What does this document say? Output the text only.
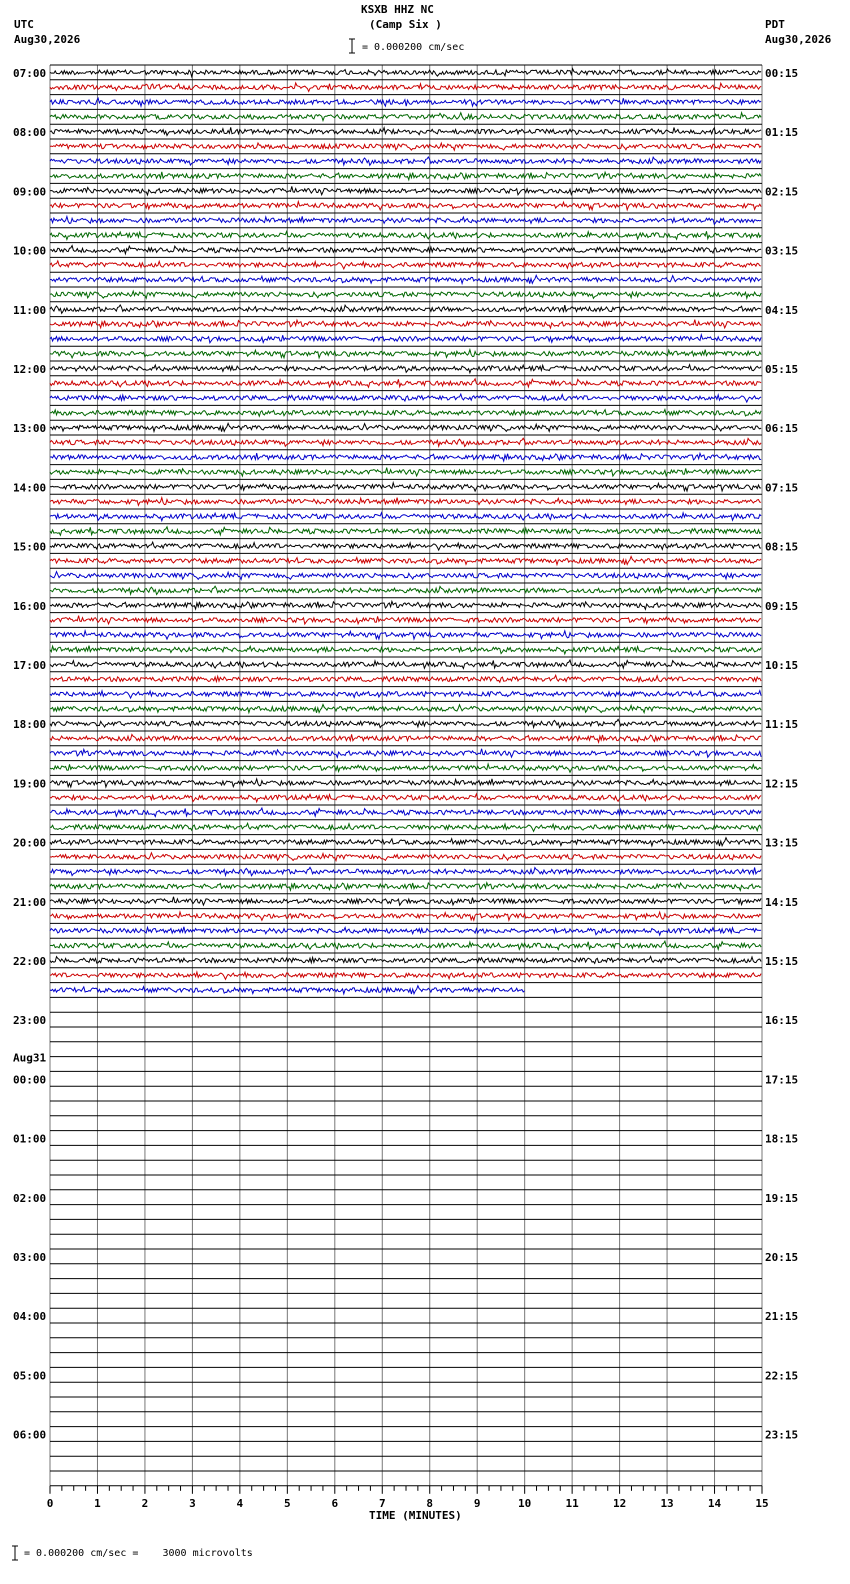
KSXB HHZ NC
(Camp Six )
UTC
Aug30,2026
PDT
Aug30,2026
= 0.000200 cm/sec
= 0.000200 cm/sec =    3000 microvolts
TIME (MINUTES)
07:00	00:15
08:00	01:15
09:00	02:15
10:00	03:15
11:00	04:15
12:00	05:15
13:00	06:15
14:00	07:15
15:00	08:15
16:00	09:15
17:00	10:15
18:00	11:15
19:00	12:15
20:00	13:15
21:00	14:15
22:00	15:15
23:00	16:15
00:00	17:15
01:00	18:15
02:00	19:15
03:00	20:15
04:00	21:15
05:00	22:15
06:00	23:15
Aug31
0	1	2	3	4	5	6	7	8	9	10	11	12	13	14	15
